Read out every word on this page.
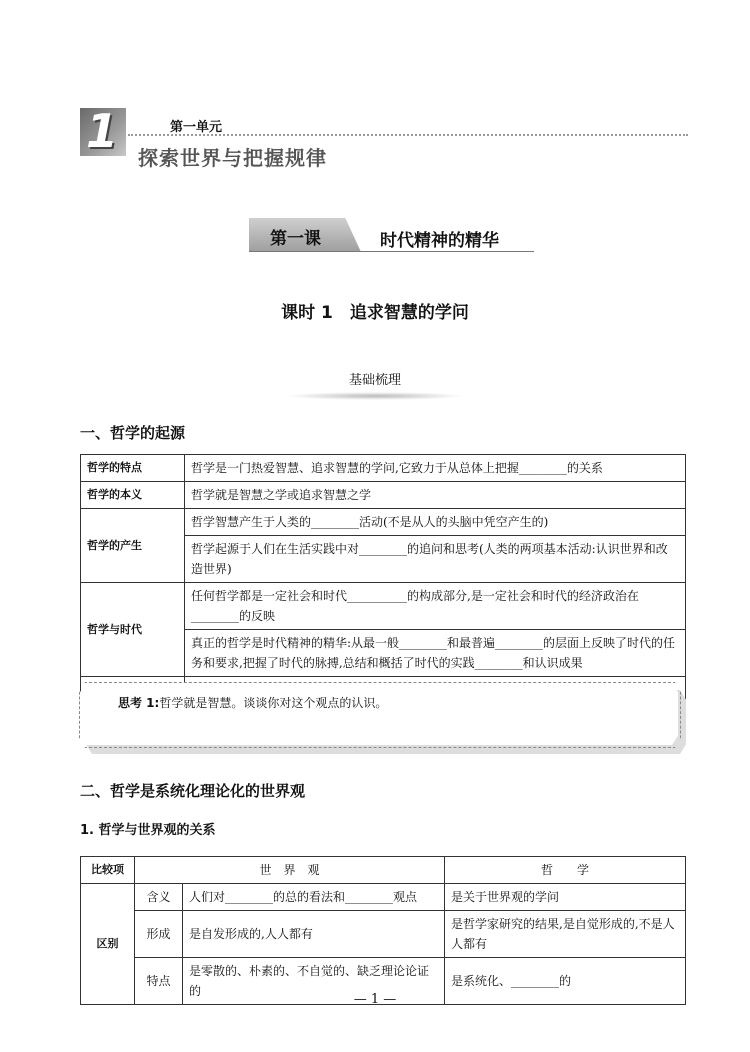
1	第一单元
探索世界与把握规律
第一课	时代精神的精华
课时 1　追求智慧的学问
基础梳理
一、哲学的起源
哲学的特点	哲学是一门热爱智慧、追求智慧的学问,它致力于从总体上把握________的关系
哲学的本义	哲学就是智慧之学或追求智慧之学
哲学的产生	哲学智慧产生于人类的________活动(不是从人的头脑中凭空产生的)
	哲学起源于人们在生活实践中对________的追问和思考(人类的两项基本活动:认识世界和改造世界)
哲学与时代	任何哲学都是一定社会和时代__________的构成部分,是一定社会和时代的经济政治在________的反映
	真正的哲学是时代精神的精华:从最一般________和最普遍________的层面上反映了时代的任务和要求,把握了时代的脉搏,总结和概括了时代的实践________和认识成果

思考 1:哲学就是智慧。谈谈你对这个观点的认识。
二、哲学是系统化理论化的世界观
1. 哲学与世界观的关系
比较项	世　界　观		哲　　学
区别	含义	人们对________的总的看法和________观点	是关于世界观的学问
	形成	是自发形成的,人人都有	是哲学家研究的结果,是自觉形成的,不是人人都有
	特点	是零散的、朴素的、不自觉的、缺乏理论论证的	是系统化、________的
— 1 —
